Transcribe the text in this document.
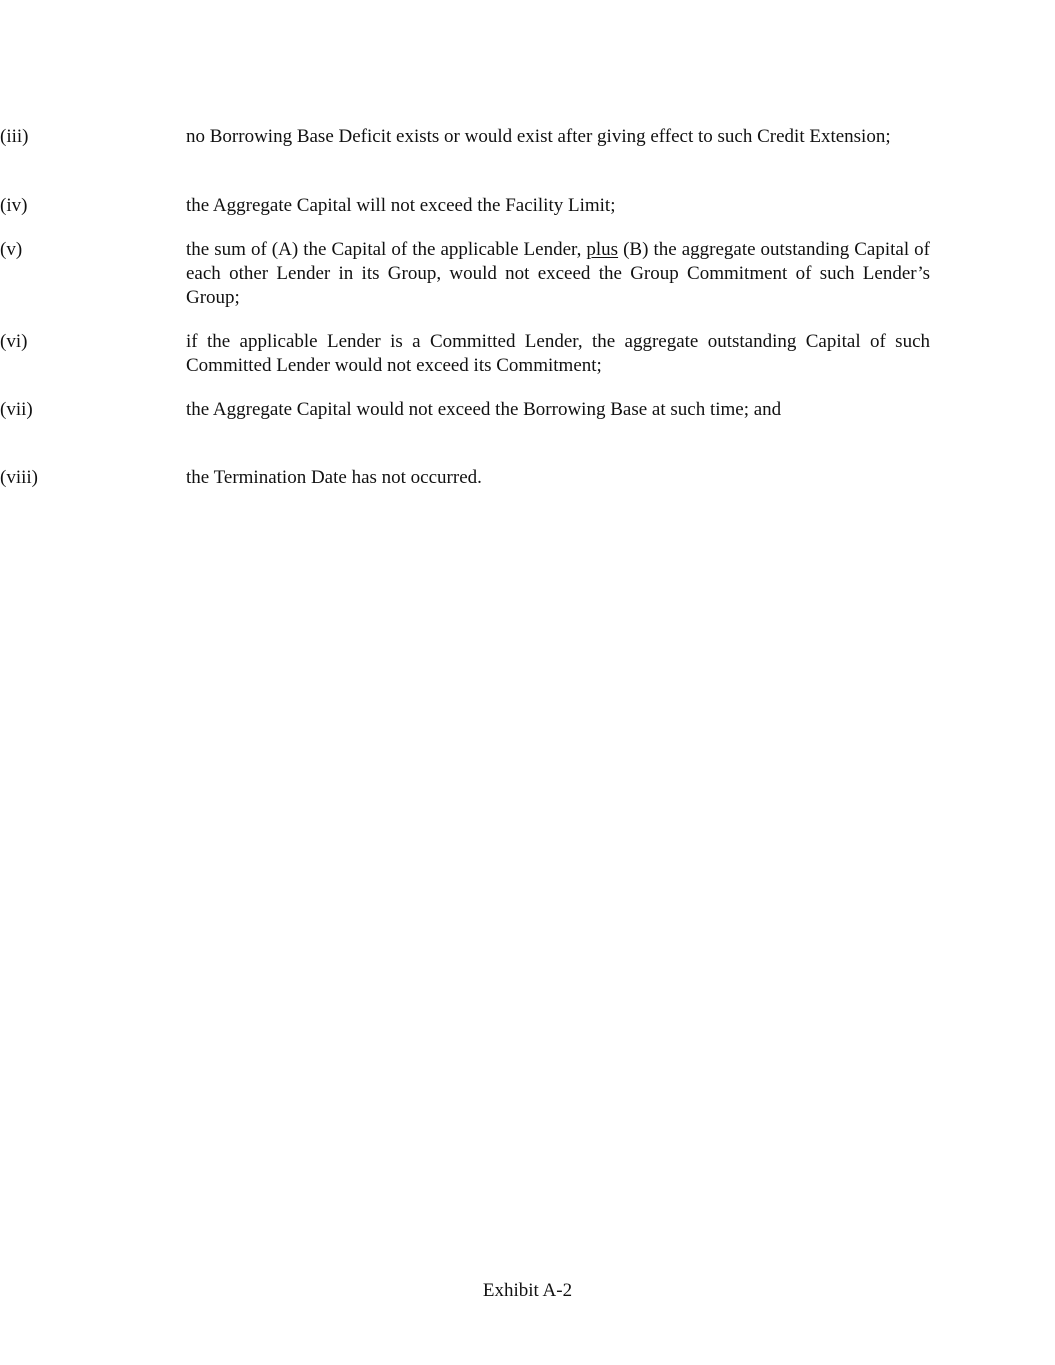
(iii)	no Borrowing Base Deficit exists or would exist after giving effect to such Credit Extension;

(iv)	the Aggregate Capital will not exceed the Facility Limit;

(v)	the sum of (A) the Capital of the applicable Lender, plus (B) the aggregate outstanding Capital of each other Lender in its Group, would not exceed the Group Commitment of such Lender’s Group;

(vi)	if the applicable Lender is a Committed Lender, the aggregate outstanding Capital of such Committed Lender would not exceed its Commitment;

(vii)	the Aggregate Capital would not exceed the Borrowing Base at such time; and

(viii)	the Termination Date has not occurred.

Exhibit A-2
